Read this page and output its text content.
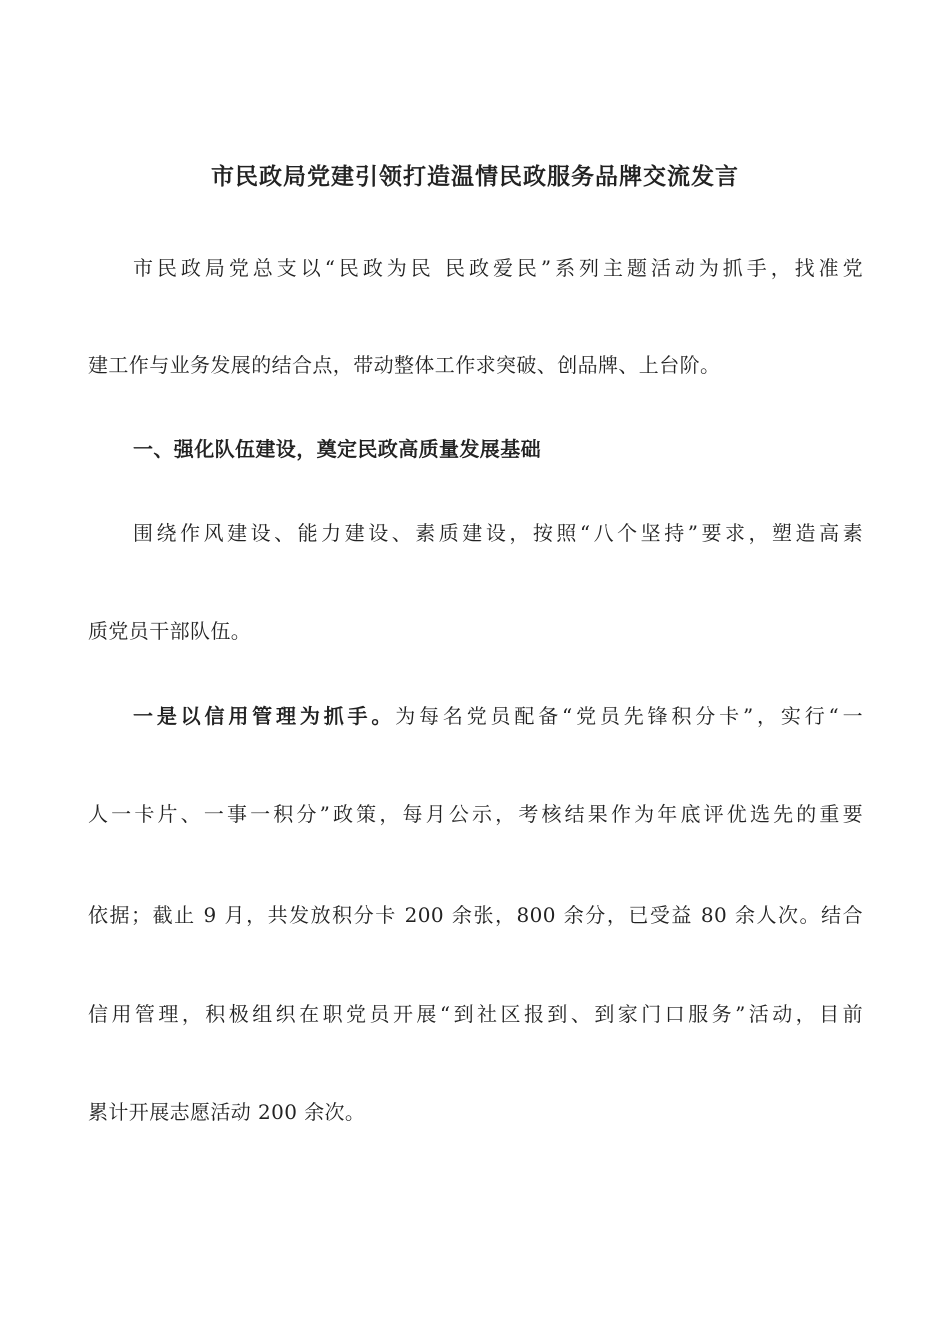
市民政局党建引领打造温情民政服务品牌交流发言
市民政局党总支以“民政为民 民政爱民”系列主题活动为抓手，找准党
建工作与业务发展的结合点，带动整体工作求突破、创品牌、上台阶。
一、强化队伍建设，奠定民政高质量发展基础
围绕作风建设、能力建设、素质建设，按照“八个坚持”要求，塑造高素
质党员干部队伍。
一是以信用管理为抓手。为每名党员配备“党员先锋积分卡”，实行“一
人一卡片、一事一积分”政策，每月公示，考核结果作为年底评优选先的重要
依据；截止 9 月，共发放积分卡 200 余张，800 余分，已受益 80 余人次。结合
信用管理，积极组织在职党员开展“到社区报到、到家门口服务”活动，目前
累计开展志愿活动 200 余次。
